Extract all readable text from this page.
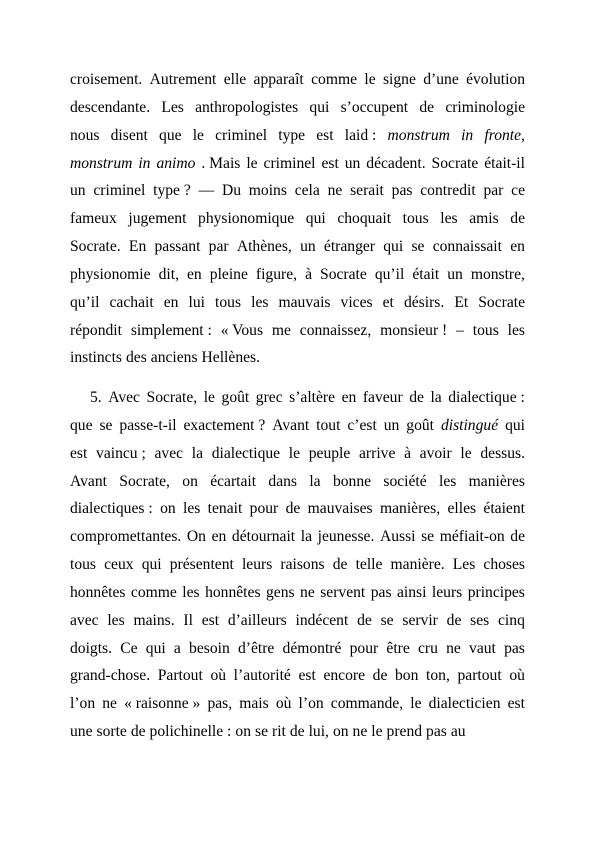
croisement. Autrement elle apparaît comme le signe d’une évolution
descendante. Les anthropologistes qui s’occupent de criminologie
nous disent que le criminel type est laid : monstrum in fronte,
monstrum in animo . Mais le criminel est un décadent. Socrate était-il
un criminel type ? — Du moins cela ne serait pas contredit par ce
fameux jugement physionomique qui choquait tous les amis de
Socrate. En passant par Athènes, un étranger qui se connaissait en
physionomie dit, en pleine figure, à Socrate qu’il était un monstre,
qu’il cachait en lui tous les mauvais vices et désirs. Et Socrate
répondit simplement : « Vous me connaissez, monsieur ! – tous les
instincts des anciens Hellènes.
5. Avec Socrate, le goût grec s’altère en faveur de la dialectique :
que se passe-t-il exactement ? Avant tout c’est un goût distingué qui
est vaincu ; avec la dialectique le peuple arrive à avoir le dessus.
Avant Socrate, on écartait dans la bonne société les manières
dialectiques : on les tenait pour de mauvaises manières, elles étaient
compromettantes. On en détournait la jeunesse. Aussi se méfiait-on de
tous ceux qui présentent leurs raisons de telle manière. Les choses
honnêtes comme les honnêtes gens ne servent pas ainsi leurs principes
avec les mains. Il est d’ailleurs indécent de se servir de ses cinq
doigts. Ce qui a besoin d’être démontré pour être cru ne vaut pas
grand-chose. Partout où l’autorité est encore de bon ton, partout où
l’on ne « raisonne » pas, mais où l’on commande, le dialecticien est
une sorte de polichinelle : on se rit de lui, on ne le prend pas au
